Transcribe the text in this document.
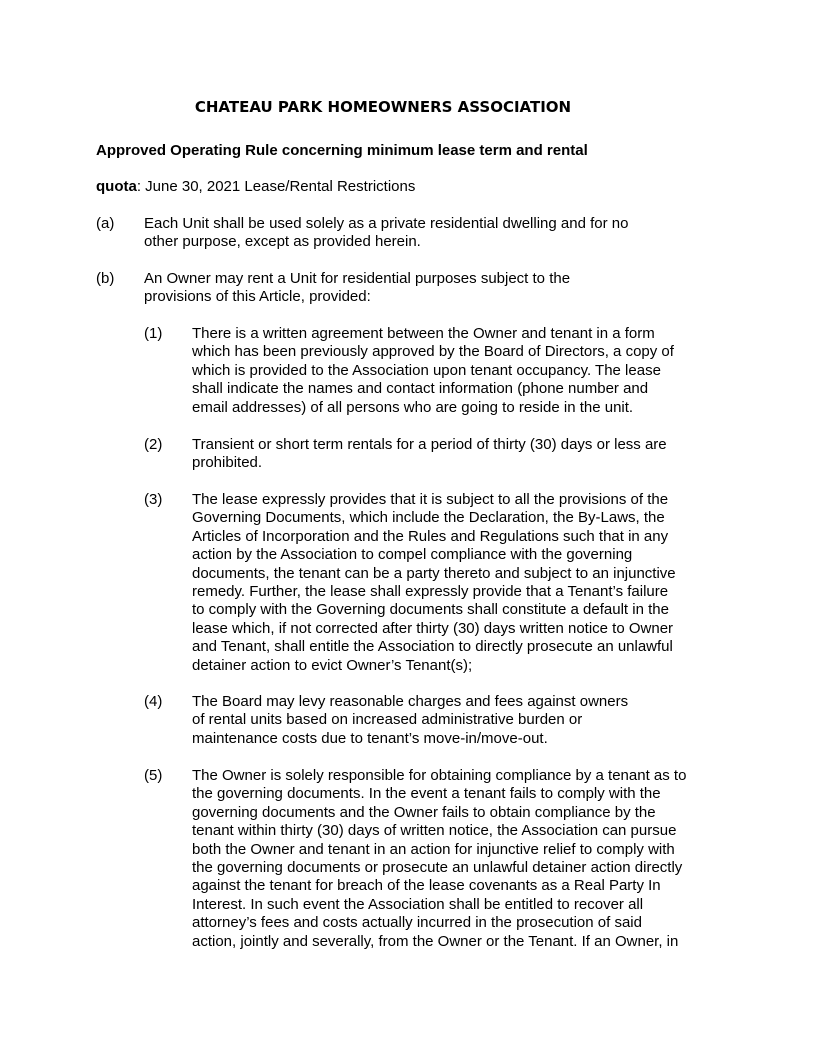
CHATEAU PARK HOMEOWNERS ASSOCIATION
Approved Operating Rule concerning minimum lease term and rental
quota: June 30, 2021 Lease/Rental Restrictions
(a) Each Unit shall be used solely as a private residential dwelling and for no
other purpose, except as provided herein.
(b) An Owner may rent a Unit for residential purposes subject to the
provisions of this Article, provided:
(1) There is a written agreement between the Owner and tenant in a form
which has been previously approved by the Board of Directors, a copy of
which is provided to the Association upon tenant occupancy. The lease
shall indicate the names and contact information (phone number and
email addresses) of all persons who are going to reside in the unit.
(2) Transient or short term rentals for a period of thirty (30) days or less are
prohibited.
(3) The lease expressly provides that it is subject to all the provisions of the
Governing Documents, which include the Declaration, the By-Laws, the
Articles of Incorporation and the Rules and Regulations such that in any
action by the Association to compel compliance with the governing
documents, the tenant can be a party thereto and subject to an injunctive
remedy. Further, the lease shall expressly provide that a Tenant’s failure
to comply with the Governing documents shall constitute a default in the
lease which, if not corrected after thirty (30) days written notice to Owner
and Tenant, shall entitle the Association to directly prosecute an unlawful
detainer action to evict Owner’s Tenant(s);
(4) The Board may levy reasonable charges and fees against owners
of rental units based on increased administrative burden or
maintenance costs due to tenant’s move-in/move-out.
(5) The Owner is solely responsible for obtaining compliance by a tenant as to
the governing documents. In the event a tenant fails to comply with the
governing documents and the Owner fails to obtain compliance by the
tenant within thirty (30) days of written notice, the Association can pursue
both the Owner and tenant in an action for injunctive relief to comply with
the governing documents or prosecute an unlawful detainer action directly
against the tenant for breach of the lease covenants as a Real Party In
Interest. In such event the Association shall be entitled to recover all
attorney’s fees and costs actually incurred in the prosecution of said
action, jointly and severally, from the Owner or the Tenant. If an Owner, in
